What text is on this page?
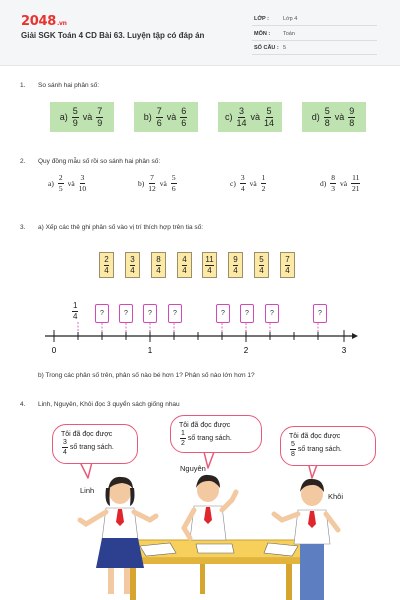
2048.vn
Giải SGK Toán 4 CD Bài 63. Luyện tập có đáp án
LỚP :	Lớp 4
MÔN : Toán
SỐ CÂU : 5
1. So sánh hai phân số:
$a) \frac{5}{9}$ và $\frac{7}{9}$	$b) \frac{7}{6}$ và $\frac{6}{6}$	$c) \frac{3}{14}$ và $\frac{5}{14}$	$d) \frac{5}{8}$ và $\frac{9}{8}$
2. Quy đồng mẫu số rồi so sánh hai phân số:
$a) \frac{2}{5}$ và $\frac{3}{10}$	$b) \frac{7}{12}$ và $\frac{5}{6}$	$c) \frac{3}{4}$ và $\frac{1}{2}$	$d) \frac{8}{3}$ và $\frac{11}{21}$
3. a) Xếp các thẻ ghi phân số vào vị trí thích hợp trên tia số:
$\frac{2}{4}$	$\frac{3}{4}$	$\frac{8}{4}$	$\frac{4}{4} \frac{11}{4} \frac{9}{4}$	$\frac{5}{4}$	$\frac{7}{4}$
$\frac{1}{4}$	?	?	?	?	?	?	?	?
0	1	2	3
b) Trong các phân số trên, phân số nào bé hơn 1? Phân số nào lớn hơn 1?
4. Linh, Nguyên, Khôi đọc 3 quyển sách giống nhau
Tôi đã đọc được
$\frac{3}{4}$ số trang sách.
Tôi đã đọc được
$\frac{1}{2}$ số trang sách.	Tôi đã đọc được
$\frac{5}{8}$ số trang sách.
Linh
Nguyên
Khôi
